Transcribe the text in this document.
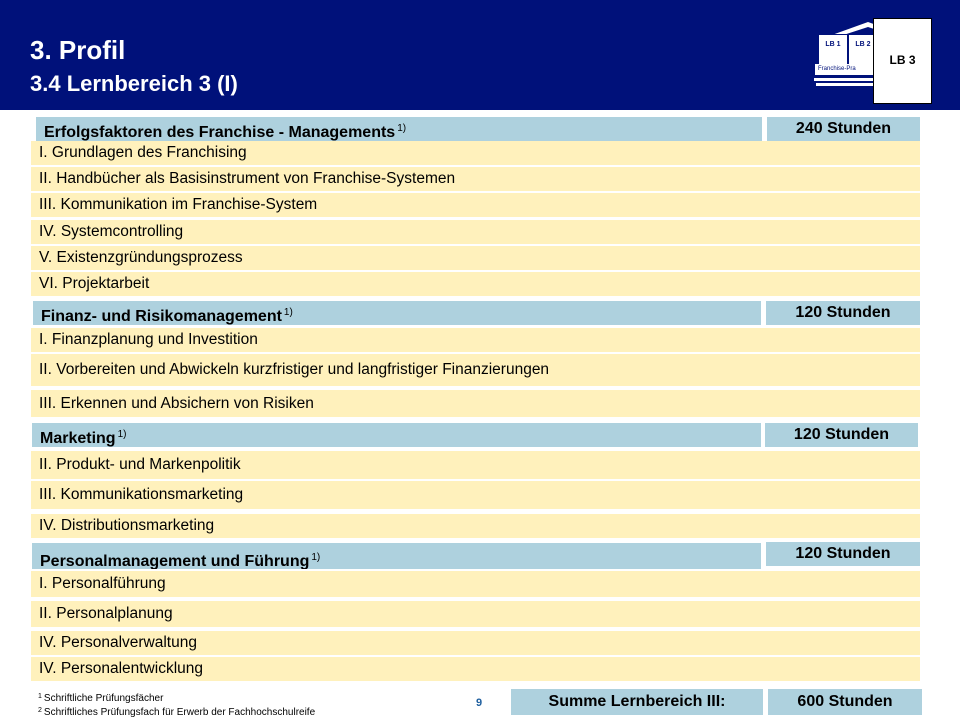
3. Profil
3.4 Lernbereich 3 (I)
LB 1	LB 2
Franchise-Pra
LB 3
Erfolgsfaktoren des Franchise - Managements $^{1)}$	240 Stunden
I. Grundlagen des Franchising
II. Handbücher als Basisinstrument von Franchise-Systemen
III. Kommunikation im Franchise-System
IV. Systemcontrolling
V. Existenzgründungsprozess
VI. Projektarbeit
Finanz- und Risikomanagement $^{1)}$	120 Stunden
I. Finanzplanung und Investition
II. Vorbereiten und Abwickeln kurzfristiger und langfristiger Finanzierungen
III. Erkennen und Absichern von Risiken
Marketing $^{1)}$	120 Stunden
II. Produkt- und Markenpolitik
III. Kommunikationsmarketing
IV. Distributionsmarketing
Personalmanagement und Führung $^{1)}$	120 Stunden
I. Personalführung
II. Personalplanung
IV. Personalverwaltung
IV. Personalentwicklung
$^1$ Schriftliche Prüfungsfächer
$^2$ Schriftliches Prüfungsfach für Erwerb der Fachhochschulreife
9	Summe Lernbereich III:	600 Stunden
